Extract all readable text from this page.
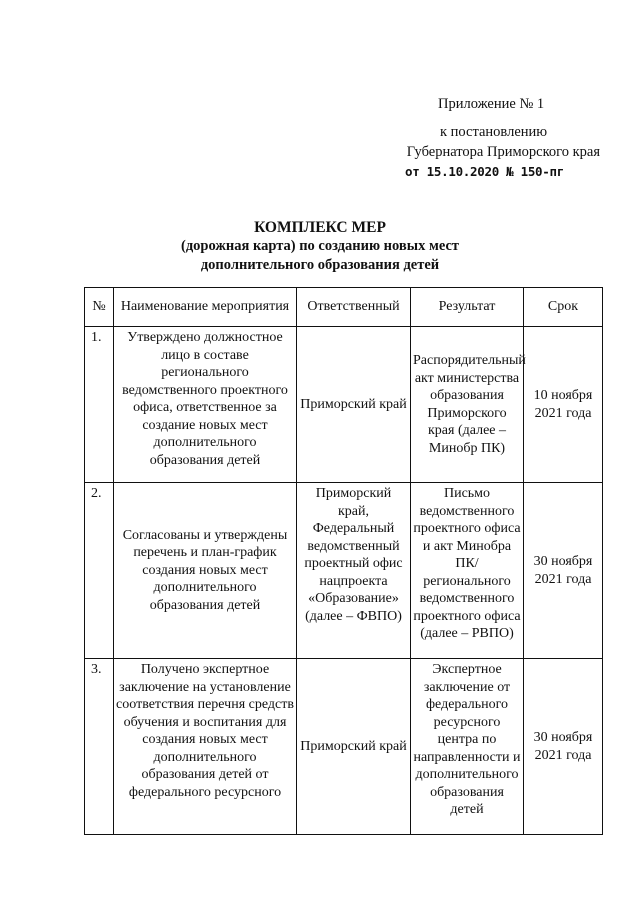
Приложение № 1
к постановлению
Губернатора Приморского края
от 15.10.2020 № 150-пг
КОМПЛЕКС МЕР
(дорожная карта) по созданию новых мест
дополнительного образования детей
№	Наименование мероприятия	Ответственный	Результат	Срок
1.	Утверждено должностное лицо в составе регионального ведомственного проектного офиса, ответственное за создание новых мест дополнительного образования детей	Приморский край	Распорядительный акт министерства образования Приморского края (далее – Минобр ПК)	10 ноября 2021 года
2.	Согласованы и утверждены перечень и план-график создания новых мест дополнительного образования детей	Приморский край, Федеральный ведомственный проектный офис нацпроекта «Образование» (далее – ФВПО)	Письмо ведомственного проектного офиса и акт Минобра ПК/ регионального ведомственного проектного офиса (далее – РВПО)	30 ноября 2021 года
3.	Получено экспертное заключение на установление соответствия перечня средств обучения и воспитания для создания новых мест дополнительного образования детей от федерального ресурсного	Приморский край	Экспертное заключение от федерального ресурсного центра по направленности и дополнительного образования детей	30 ноября 2021 года
